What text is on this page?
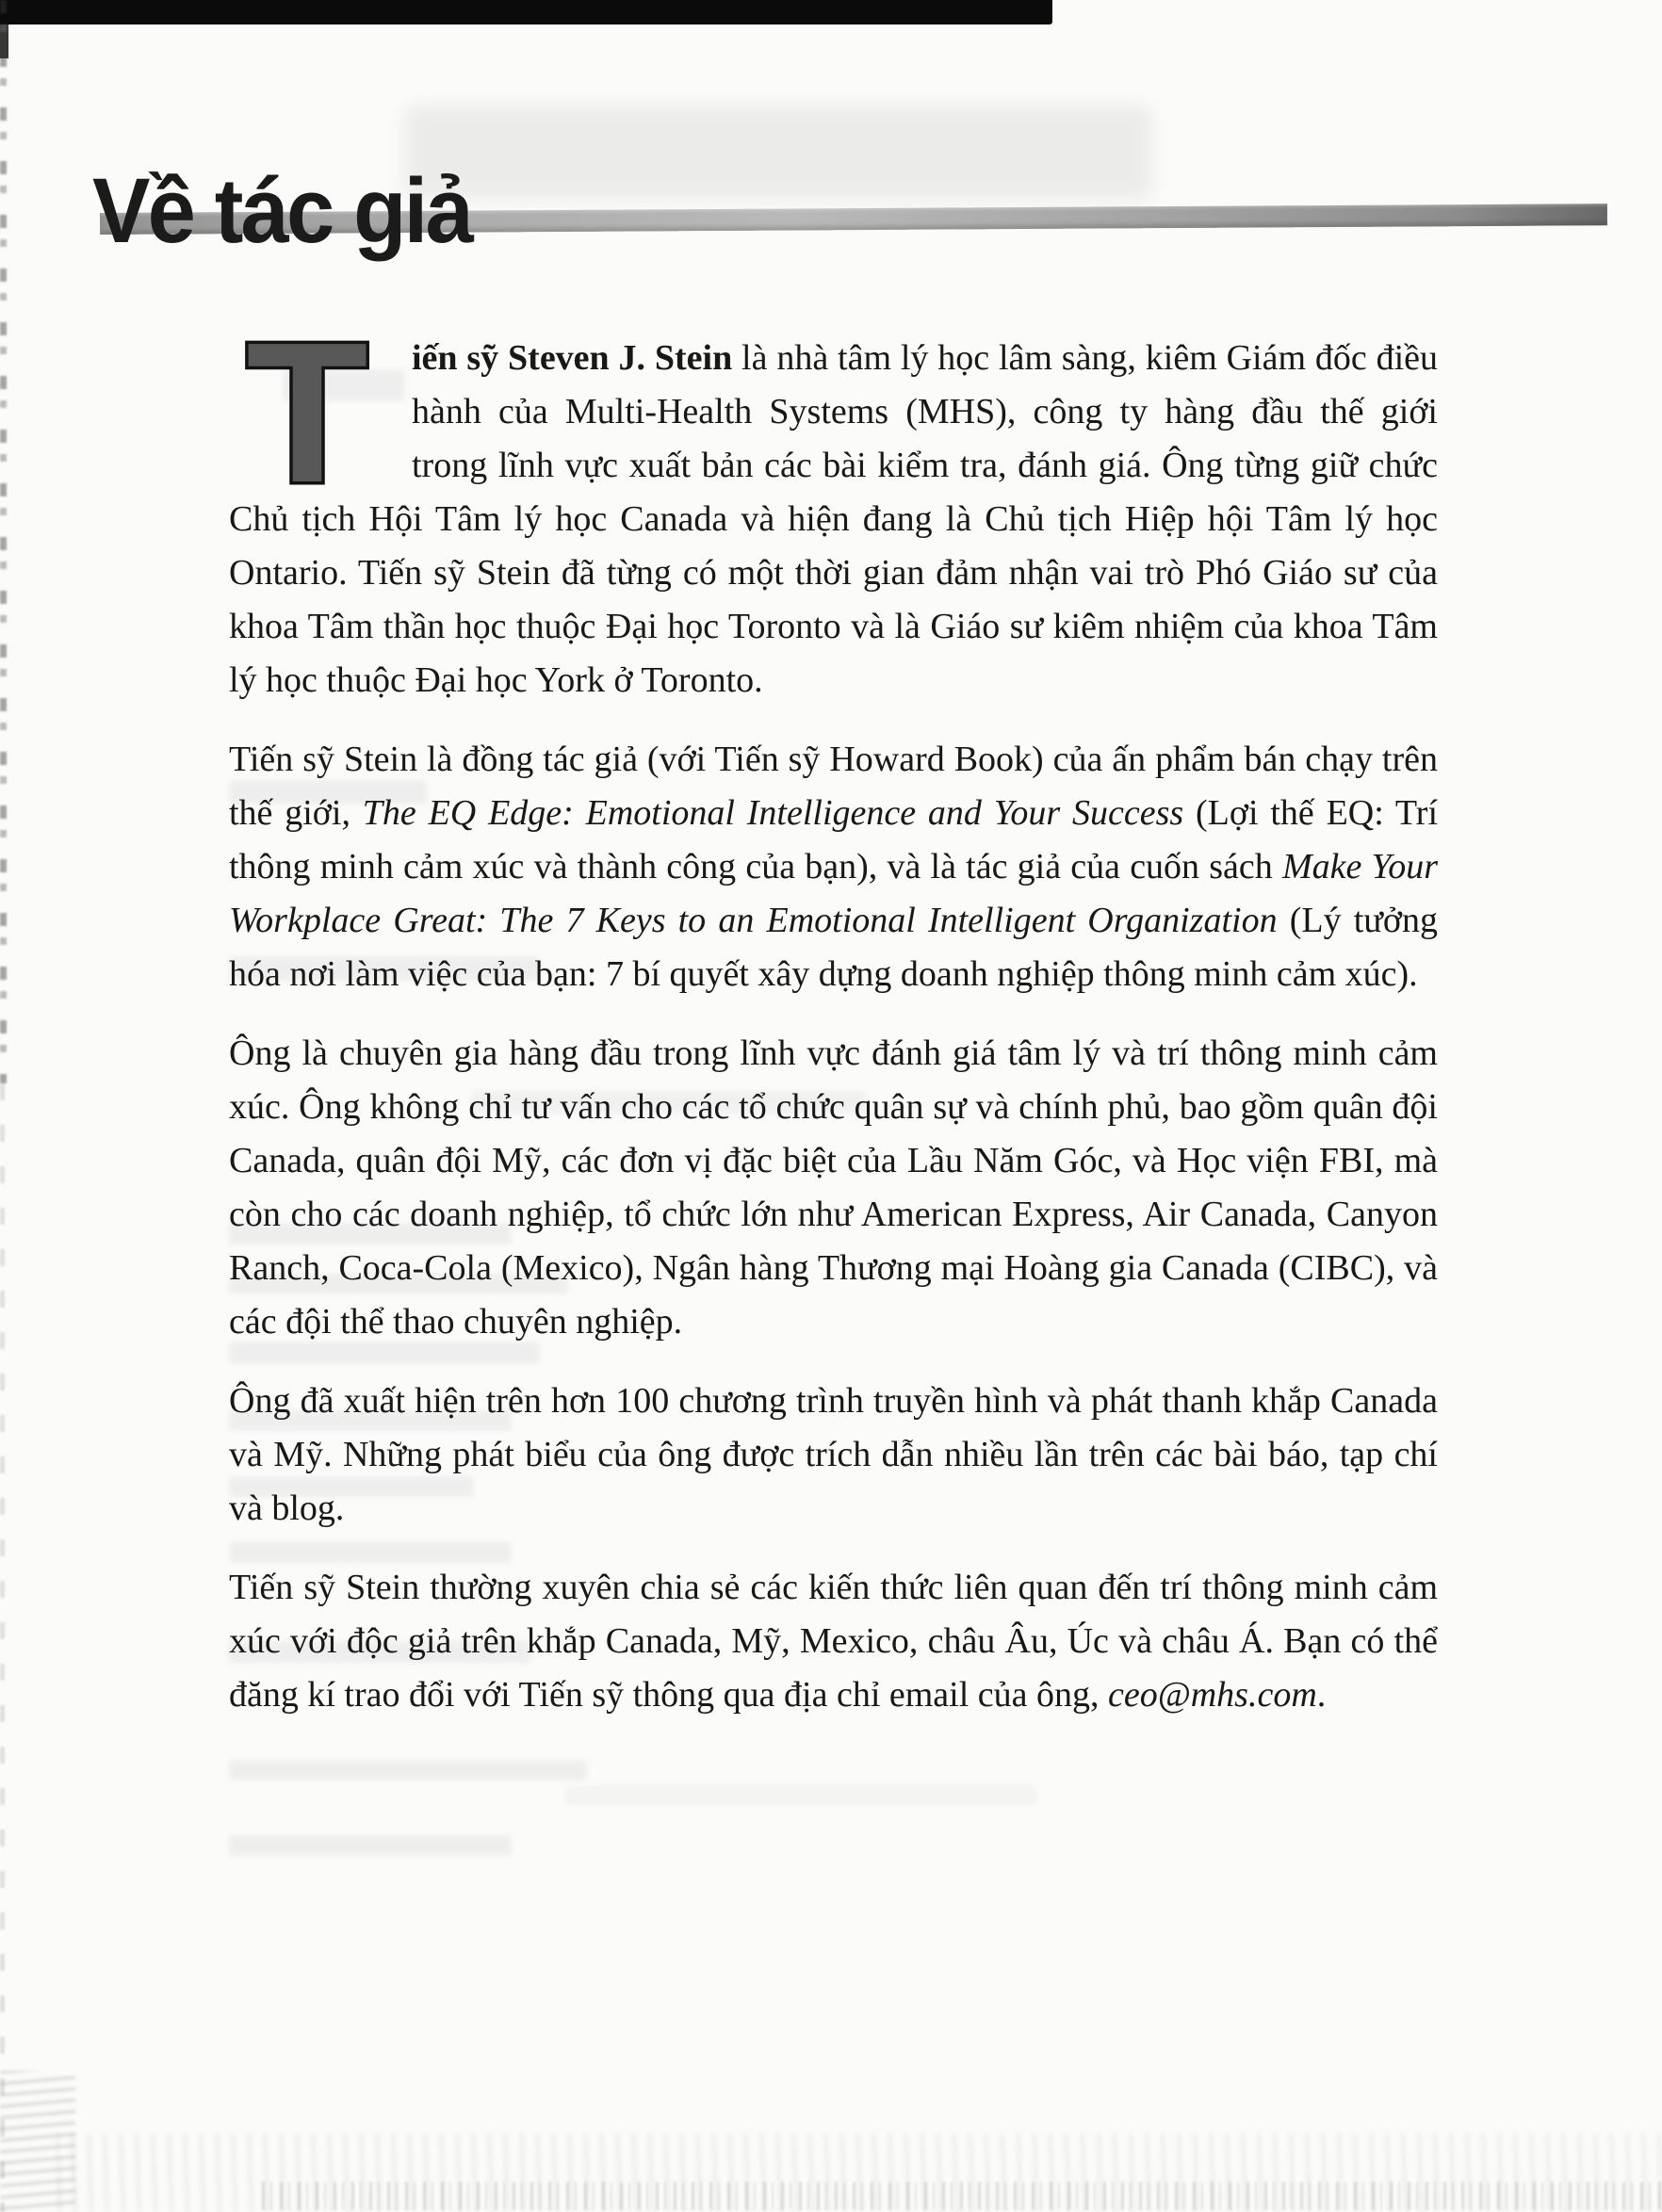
Về tác giả

T iến sỹ Steven J. Stein là nhà tâm lý học lâm sàng, kiêm Giám đốc điều hành của Multi-Health Systems (MHS), công ty hàng đầu thế giới trong lĩnh vực xuất bản các bài kiểm tra, đánh giá. Ông từng giữ chức Chủ tịch Hội Tâm lý học Canada và hiện đang là Chủ tịch Hiệp hội Tâm lý học Ontario. Tiến sỹ Stein đã từng có một thời gian đảm nhận vai trò Phó Giáo sư của khoa Tâm thần học thuộc Đại học Toronto và là Giáo sư kiêm nhiệm của khoa Tâm lý học thuộc Đại học York ở Toronto.

Tiến sỹ Stein là đồng tác giả (với Tiến sỹ Howard Book) của ấn phẩm bán chạy trên thế giới, The EQ Edge: Emotional Intelligence and Your Success (Lợi thế EQ: Trí thông minh cảm xúc và thành công của bạn), và là tác giả của cuốn sách Make Your Workplace Great: The 7 Keys to an Emotional Intelligent Organization (Lý tưởng hóa nơi làm việc của bạn: 7 bí quyết xây dựng doanh nghiệp thông minh cảm xúc).

Ông là chuyên gia hàng đầu trong lĩnh vực đánh giá tâm lý và trí thông minh cảm xúc. Ông không chỉ tư vấn cho các tổ chức quân sự và chính phủ, bao gồm quân đội Canada, quân đội Mỹ, các đơn vị đặc biệt của Lầu Năm Góc, và Học viện FBI, mà còn cho các doanh nghiệp, tổ chức lớn như American Express, Air Canada, Canyon Ranch, Coca-Cola (Mexico), Ngân hàng Thương mại Hoàng gia Canada (CIBC), và các đội thể thao chuyên nghiệp.

Ông đã xuất hiện trên hơn 100 chương trình truyền hình và phát thanh khắp Canada và Mỹ. Những phát biểu của ông được trích dẫn nhiều lần trên các bài báo, tạp chí và blog.

Tiến sỹ Stein thường xuyên chia sẻ các kiến thức liên quan đến trí thông minh cảm xúc với độc giả trên khắp Canada, Mỹ, Mexico, châu Âu, Úc và châu Á. Bạn có thể đăng kí trao đổi với Tiến sỹ thông qua địa chỉ email của ông, ceo@mhs.com.
